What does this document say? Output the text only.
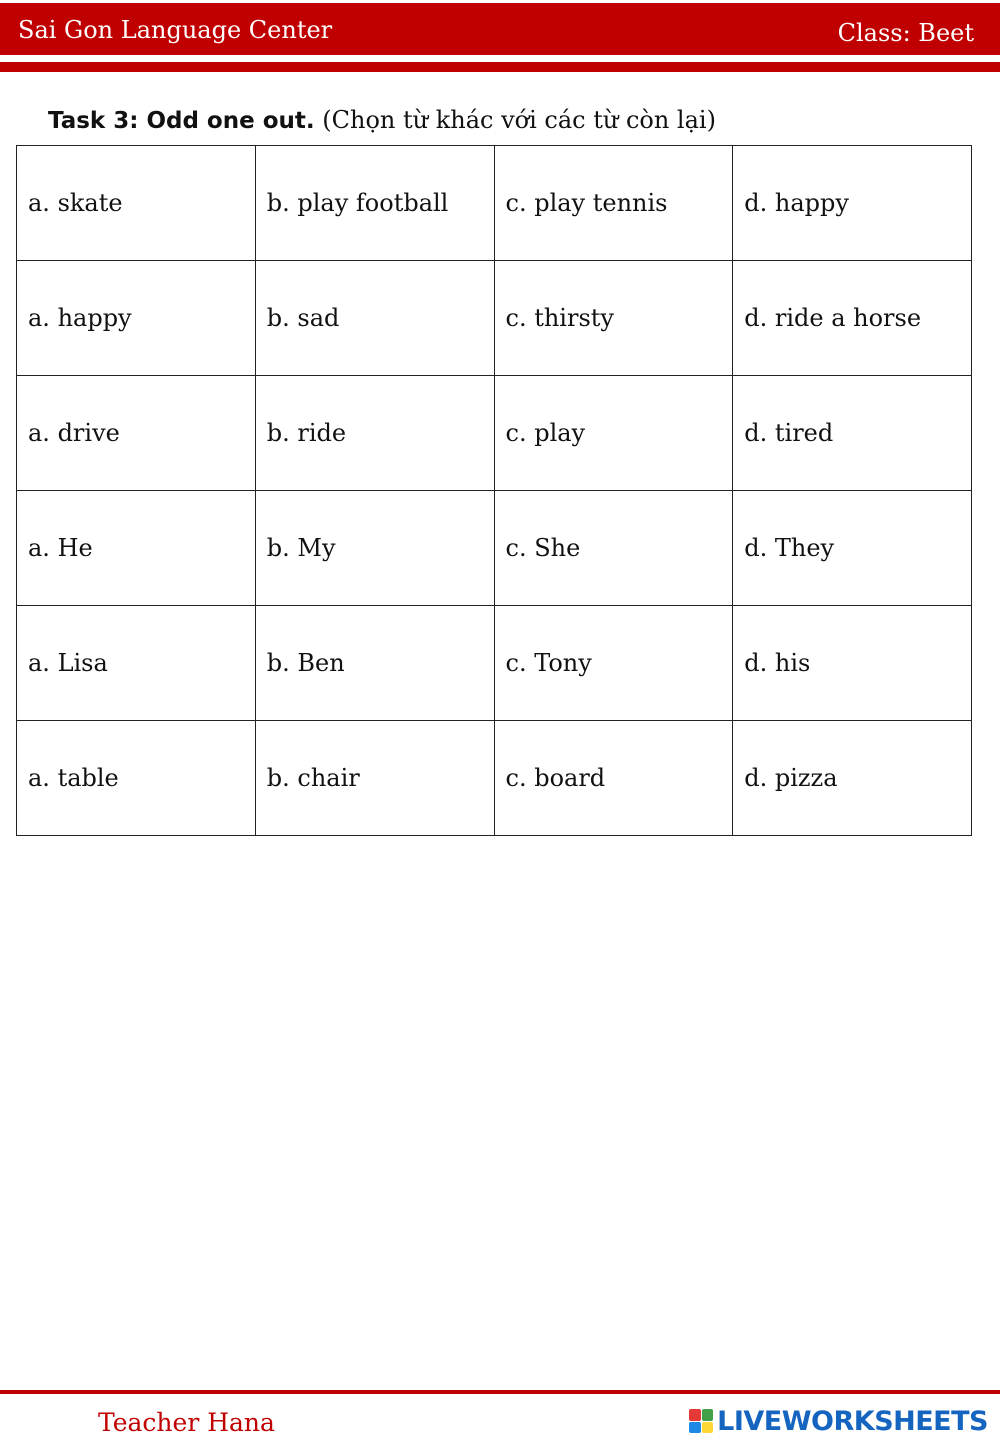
Sai Gon Language Center	Class: Beet
Task 3: Odd one out. (Chọn từ khác với các từ còn lại)
a. skate	b. play football	c. play tennis	d. happy
a. happy	b. sad	c. thirsty	d. ride a horse
a. drive	b. ride	c. play	d. tired
a. He	b. My	c. She	d. They
a. Lisa	b. Ben	c. Tony	d. his
a. table	b. chair	c. board	d. pizza
Teacher Hana	LIVEWORKSHEETS
